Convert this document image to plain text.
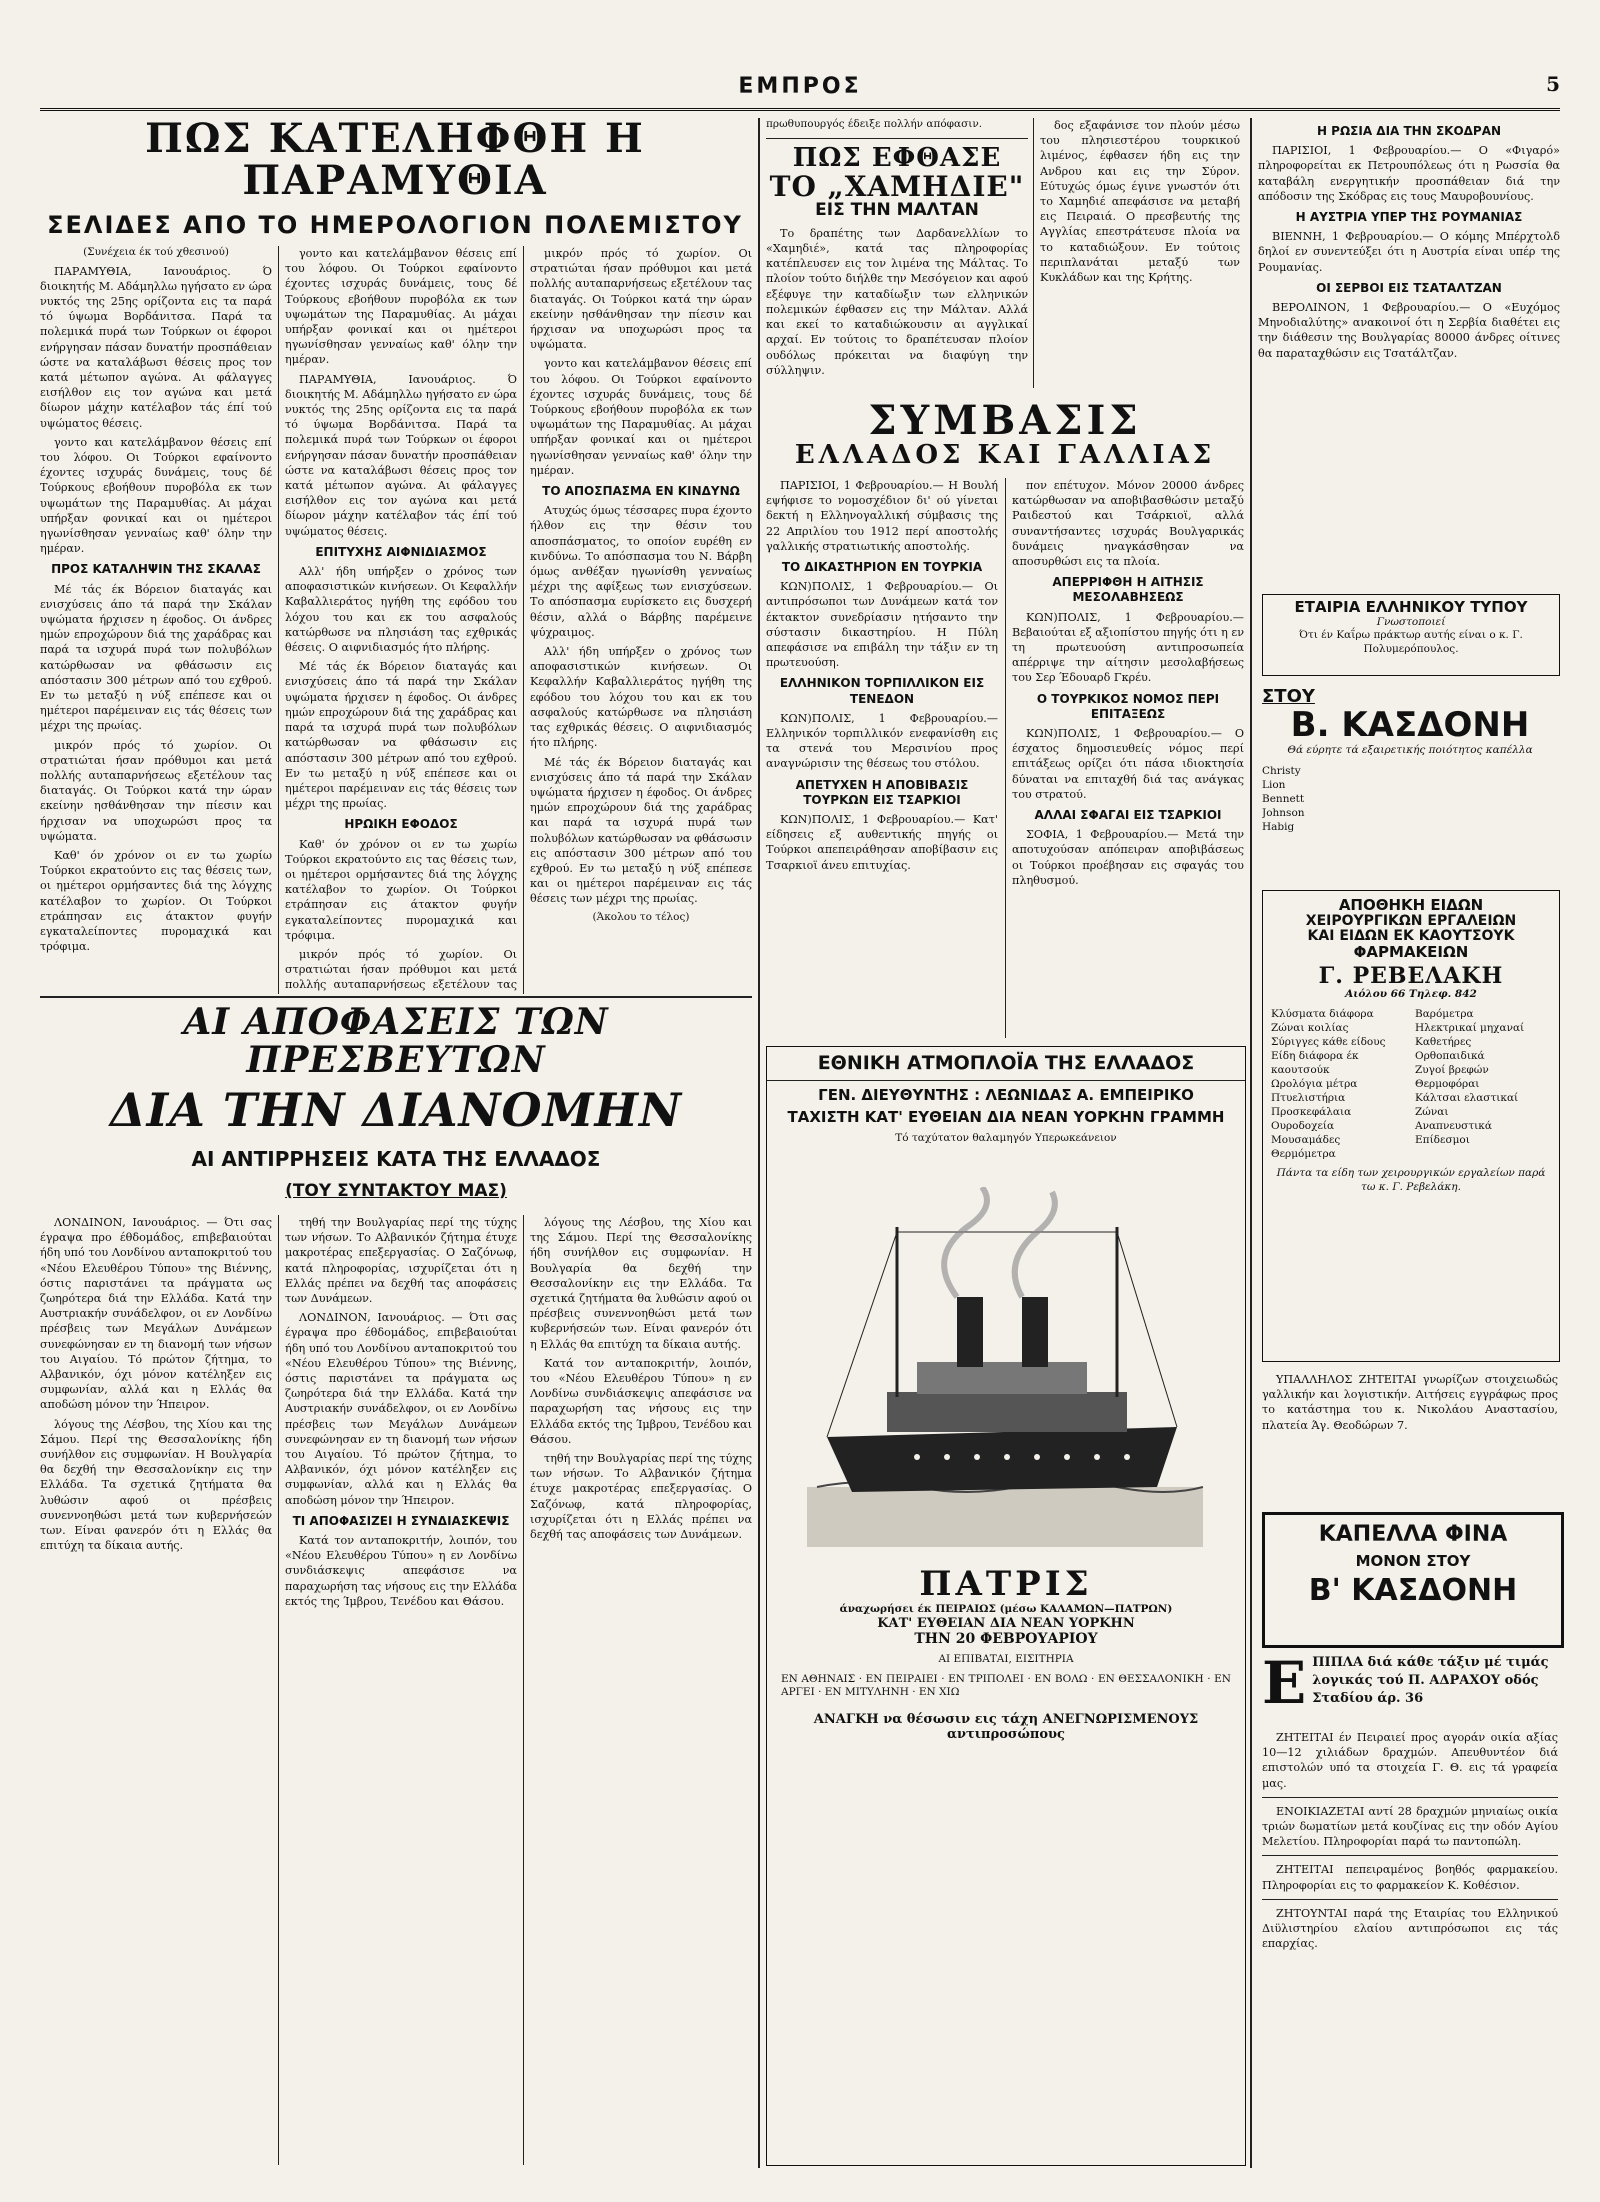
ΕΜΠΡΟΣ	5
ΠΩΣ ΚΑΤΕΛΗΦΘΗ Η ΠΑΡΑΜΥΘΙΑ
ΣΕΛΙΔΕΣ ΑΠΟ ΤΟ ΗΜΕΡΟΛΟΓΙΟΝ ΠΟΛΕΜΙΣΤΟΥ

(Συνέχεια έκ τού χθεσινού)

ΠΑΡΑΜΥΘΙΑ, Ιανουάριος. Ό διοικητής Μ. Αδάμηλλω ηγήσατο εν ώρα νυκτός της 25ης ορίζοντα εις τα παρά τό ύψωμα Βορδάνιτσα. Παρά τα πολεμικά πυρά των Τούρκων οι έφοροι ενήργησαν πάσαν δυνατήν προσπάθειαν ώστε να καταλάβωσι θέσεις προς τον κατά μέτωπον αγώνα. Αι φάλαγγες εισήλθον εις τον αγώνα και μετά δίωρον μάχην κατέλαβον τάς έπί τού υψώματος θέσεις.

γοντο και κατελάμβανον θέσεις επί του λόφου. Οι Τούρκοι εφαίνοντο έχοντες ισχυράς δυνάμεις, τους δέ Τούρκους εβοήθουν πυροβόλα εκ των υψωμάτων της Παραμυθίας. Αι μάχαι υπήρξαν φονικαί και οι ημέτεροι ηγωνίσθησαν γενναίως καθ' όλην την ημέραν.

ΠΡΟΣ ΚΑΤΑΛΗΨΙΝ ΤΗΣ ΣΚΑΛΑΣ

Μέ τάς έκ Βόρειον διαταγάς και ενισχύσεις άπο τά παρά την Σκάλαν υψώματα ήρχισεν η έφοδος. Οι άνδρες ημών επροχώρουν διά της χαράδρας και παρά τα ισχυρά πυρά των πολυβόλων κατώρθωσαν να φθάσωσιν εις απόστασιν 300 μέτρων από του εχθρού. Εν τω μεταξύ η νύξ επέπεσε και οι ημέτεροι παρέμειναν εις τάς θέσεις των μέχρι της πρωίας.

μικρόν πρός τό χωρίον. Οι στρατιώται ήσαν πρόθυμοι και μετά πολλής αυταπαρνήσεως εξετέλουν τας διαταγάς. Οι Τούρκοι κατά την ώραν εκείνην ησθάνθησαν την πίεσιν και ήρχισαν να υποχωρώσι προς τα υψώματα.

Καθ' όν χρόνον οι εν τω χωρίω Τούρκοι εκρατούντο εις τας θέσεις των, οι ημέτεροι ορμήσαντες διά της λόγχης κατέλαβον το χωρίον. Οι Τούρκοι ετράπησαν εις άτακτον φυγήν εγκαταλείποντες πυρομαχικά και τρόφιμα.

γοντο και κατελάμβανον θέσεις επί του λόφου. Οι Τούρκοι εφαίνοντο έχοντες ισχυράς δυνάμεις, τους δέ Τούρκους εβοήθουν πυροβόλα εκ των υψωμάτων της Παραμυθίας. Αι μάχαι υπήρξαν φονικαί και οι ημέτεροι ηγωνίσθησαν γενναίως καθ' όλην την ημέραν.

ΠΑΡΑΜΥΘΙΑ, Ιανουάριος. Ό διοικητής Μ. Αδάμηλλω ηγήσατο εν ώρα νυκτός της 25ης ορίζοντα εις τα παρά τό ύψωμα Βορδάνιτσα. Παρά τα πολεμικά πυρά των Τούρκων οι έφοροι ενήργησαν πάσαν δυνατήν προσπάθειαν ώστε να καταλάβωσι θέσεις προς τον κατά μέτωπον αγώνα. Αι φάλαγγες εισήλθον εις τον αγώνα και μετά δίωρον μάχην κατέλαβον τάς έπί τού υψώματος θέσεις.

ΕΠΙΤΥΧΗΣ ΑΙΦΝΙΔΙΑΣΜΟΣ

Αλλ' ήδη υπήρξεν ο χρόνος των αποφασιστικών κινήσεων. Οι Κεφαλλήν Καβαλλιεράτος ηγήθη της εφόδου του λόχου του και εκ του ασφαλούς κατώρθωσε να πλησιάση τας εχθρικάς θέσεις. Ο αιφνιδιασμός ήτο πλήρης.

Μέ τάς έκ Βόρειον διαταγάς και ενισχύσεις άπο τά παρά την Σκάλαν υψώματα ήρχισεν η έφοδος. Οι άνδρες ημών επροχώρουν διά της χαράδρας και παρά τα ισχυρά πυρά των πολυβόλων κατώρθωσαν να φθάσωσιν εις απόστασιν 300 μέτρων από του εχθρού. Εν τω μεταξύ η νύξ επέπεσε και οι ημέτεροι παρέμειναν εις τάς θέσεις των μέχρι της πρωίας.

ΗΡΩΙΚΗ ΕΦΟΔΟΣ

Καθ' όν χρόνον οι εν τω χωρίω Τούρκοι εκρατούντο εις τας θέσεις των, οι ημέτεροι ορμήσαντες διά της λόγχης κατέλαβον το χωρίον. Οι Τούρκοι ετράπησαν εις άτακτον φυγήν εγκαταλείποντες πυρομαχικά και τρόφιμα.

μικρόν πρός τό χωρίον. Οι στρατιώται ήσαν πρόθυμοι και μετά πολλής αυταπαρνήσεως εξετέλουν τας

μικρόν πρός τό χωρίον. Οι στρατιώται ήσαν πρόθυμοι και μετά πολλής αυταπαρνήσεως εξετέλουν τας διαταγάς. Οι Τούρκοι κατά την ώραν εκείνην ησθάνθησαν την πίεσιν και ήρχισαν να υποχωρώσι προς τα υψώματα.

γοντο και κατελάμβανον θέσεις επί του λόφου. Οι Τούρκοι εφαίνοντο έχοντες ισχυράς δυνάμεις, τους δέ Τούρκους εβοήθουν πυροβόλα εκ των υψωμάτων της Παραμυθίας. Αι μάχαι υπήρξαν φονικαί και οι ημέτεροι ηγωνίσθησαν γενναίως καθ' όλην την ημέραν.

ΤΟ ΑΠΟΣΠΑΣΜΑ ΕΝ ΚΙΝΔΥΝΩ

Ατυχώς όμως τέσσαρες πυρα έχοντο ήλθον εις την θέσιν του αποσπάσματος, το οποίον ευρέθη εν κινδύνω. Το απόσπασμα του Ν. Βάρβη όμως ανθέξαν ηγωνίσθη γενναίως μέχρι της αφίξεως των ενισχύσεων. Το απόσπασμα ευρίσκετο εις δυσχερή θέσιν, αλλά ο Βάρβης παρέμεινε ψύχραιμος.

Αλλ' ήδη υπήρξεν ο χρόνος των αποφασιστικών κινήσεων. Οι Κεφαλλήν Καβαλλιεράτος ηγήθη της εφόδου του λόχου του και εκ του ασφαλούς κατώρθωσε να πλησιάση τας εχθρικάς θέσεις. Ο αιφνιδιασμός ήτο πλήρης.

Μέ τάς έκ Βόρειον διαταγάς και ενισχύσεις άπο τά παρά την Σκάλαν υψώματα ήρχισεν η έφοδος. Οι άνδρες ημών επροχώρουν διά της χαράδρας και παρά τα ισχυρά πυρά των πολυβόλων κατώρθωσαν να φθάσωσιν εις απόστασιν 300 μέτρων από του εχθρού. Εν τω μεταξύ η νύξ επέπεσε και οι ημέτεροι παρέμειναν εις τάς θέσεις των μέχρι της πρωίας.

(Άκολου το τέλος)

πρωθυπουργός έδειξε πολλήν απόφασιν.
ΠΩΣ ΕΦΘΑΣΕ
ΤΟ „ΧΑΜΗΔΙΕ"
ΕΙΣ ΤΗΝ ΜΑΛΤΑΝ

Το δραπέτης των Δαρδανελλίων το «Χαμηδιέ», κατά τας πληροφορίας κατέπλευσεν εις τον λιμένα της Μάλτας. Το πλοίον τούτο διήλθε την Μεσόγειον και αφού εξέφυγε την καταδίωξιν των ελληνικών πολεμικών έφθασεν εις την Μάλταν. Αλλά και εκεί το καταδιώκουσιν αι αγγλικαί αρχαί. Εν τούτοις το δραπέτευσαν πλοίον ουδόλως πρόκειται να διαφύγη την σύλληψιν.

δος εξαφάνισε τον πλούν μέσω του πλησιεστέρου τουρκικού λιμένος, έφθασεν ήδη εις την Ανδρου και εις την Σύρον. Εύτυχώς όμως έγινε γνωστόν ότι το Χαμηδιέ απεφάσισε να μεταβή εις Πειραιά. Ο πρεσβευτής της Αγγλίας επεστράτευσε πλοία να το καταδιώξουν. Εν τούτοις περιπλανάται μεταξύ των Κυκλάδων και της Κρήτης.

ΣΥΜΒΑΣΙΣ
ΕΛΛΑΔΟΣ ΚΑΙ ΓΑΛΛΙΑΣ

ΠΑΡΙΣΙΟΙ, 1 Φεβρουαρίου.— Η Βουλή εψήφισε το νομοσχέδιον δι' ού γίνεται δεκτή η Ελληνογαλλική σύμβασις της 22 Απριλίου του 1912 περί αποστολής γαλλικής στρατιωτικής αποστολής.

ΤΟ ΔΙΚΑΣΤΗΡΙΟΝ ΕΝ ΤΟΥΡΚΙΑ

ΚΩΝ)ΠΟΛΙΣ, 1 Φεβρουαρίου.— Οι αντιπρόσωποι των Δυνάμεων κατά τον έκτακτον συνεδρίασιν ητήσαντο την σύστασιν δικαστηρίου. Η Πύλη απεφάσισε να επιβάλη την τάξιν εν τη πρωτευούση.

ΕΛΛΗΝΙΚΟΝ ΤΟΡΠΙΛΛΙΚΟΝ ΕΙΣ ΤΕΝΕΔΟΝ

ΚΩΝ)ΠΟΛΙΣ, 1 Φεβρουαρίου.— Ελληνικόν τορπιλλικόν ενεφανίσθη εις τα στενά του Μερσινίου προς αναγνώρισιν της θέσεως του στόλου.

ΑΠΕΤΥΧΕΝ Η ΑΠΟΒΙΒΑΣΙΣ ΤΟΥΡΚΩΝ ΕΙΣ ΤΣΑΡΚΙΟΙ

ΚΩΝ)ΠΟΛΙΣ, 1 Φεβρουαρίου.— Κατ' είδησεις εξ αυθεντικής πηγής οι Τούρκοι απεπειράθησαν αποβίβασιν εις Τσαρκιοϊ άνευ επιτυχίας.

πον επέτυχον. Μόνον 20000 άνδρες κατώρθωσαν να αποβιβασθώσιν μεταξύ Ραιδεστού και Τσάρκιοϊ, αλλά συναντήσαντες ισχυράς Βουλγαρικάς δυνάμεις ηναγκάσθησαν να αποσυρθώσι εις τα πλοία.

ΑΠΕΡΡΙΦΘΗ Η ΑΙΤΗΣΙΣ ΜΕΣΟΛΑΒΗΣΕΩΣ

ΚΩΝ)ΠΟΛΙΣ, 1 Φεβρουαρίου.— Βεβαιούται εξ αξιοπίστου πηγής ότι η εν τη πρωτευούση αντιπροσωπεία απέρριψε την αίτησιν μεσολαβήσεως του Σερ Έδουαρδ Γκρέυ.

Ο ΤΟΥΡΚΙΚΟΣ ΝΟΜΟΣ ΠΕΡΙ ΕΠΙΤΑΞΕΩΣ

ΚΩΝ)ΠΟΛΙΣ, 1 Φεβρουαρίου.— Ο έσχατος δημοσιευθείς νόμος περί επιτάξεως ορίζει ότι πάσα ιδιοκτησία δύναται να επιταχθή διά τας ανάγκας του στρατού.

ΑΛΛΑΙ ΣΦΑΓΑΙ ΕΙΣ ΤΣΑΡΚΙΟΙ

ΣΟΦΙΑ, 1 Φεβρουαρίου.— Μετά την αποτυχούσαν απόπειραν αποβιβάσεως οι Τούρκοι προέβησαν εις σφαγάς του πληθυσμού.

ΕΘΝΙΚΗ ΑΤΜΟΠΛΟΪΑ ΤΗΣ ΕΛΛΑΔΟΣ
ΓΕΝ. ΔΙΕΥΘΥΝΤΗΣ : ΛΕΩΝΙΔΑΣ Α. ΕΜΠΕΙΡΙΚΟ
ΤΑΧΙΣΤΗ ΚΑΤ' ΕΥΘΕΙΑΝ ΔΙΑ ΝΕΑΝ ΥΟΡΚΗΝ ΓΡΑΜΜΗ
Τό ταχύτατον θαλαμηγόν Υπερωκεάνειον
ΠΑΤΡΙΣ
άναχωρήσει έκ ΠΕΙΡΑΙΩΣ (μέσω ΚΑΛΑΜΩΝ—ΠΑΤΡΩΝ)
ΚΑΤ' ΕΥΘΕΙΑΝ ΔΙΑ ΝΕΑΝ ΥΟΡΚΗΝ
ΤΗΝ 20 ΦΕΒΡΟΥΑΡΙΟΥ
ΑΙ ΕΠΙΒΑΤΑΙ, ΕΙΣΙΤΗΡΙΑ
ΕΝ ΑΘΗΝΑΙΣ · ΕΝ ΠΕΙΡΑΙΕΙ · ΕΝ ΤΡΙΠΟΛΕΙ · ΕΝ ΒΟΛΩ · ΕΝ ΘΕΣΣΑΛΟΝΙΚΗ · ΕΝ ΑΡΓΕΙ · ΕΝ ΜΙΤΥΛΗΝΗ · ΕΝ ΧΙΩ
ΑΝΑΓΚΗ να θέσωσιν εις τάχη ΑΝΕΓΝΩΡΙΣΜΕΝΟΥΣ αντιπροσώπους
ΑΙ ΑΠΟΦΑΣΕΙΣ ΤΩΝ ΠΡΕΣΒΕΥΤΩΝ
ΔΙΑ ΤΗΝ ΔΙΑΝΟΜΗΝ
ΑΙ ΑΝΤΙΡΡΗΣΕΙΣ ΚΑΤΑ ΤΗΣ ΕΛΛΑΔΟΣ
(ΤΟΥ ΣΥΝΤΑΚΤΟΥ ΜΑΣ)

ΛΟΝΔΙΝΟΝ, Ιανουάριος. — Ότι σας έγραψα προ έθδομάδος, επιβεβαιούται ήδη υπό του Λονδίνου ανταποκριτού του «Νέου Ελευθέρου Τύπου» της Βιέννης, όστις παριστάνει τα πράγματα ως ζωηρότερα διά την Ελλάδα. Κατά την Αυστριακήν συνάδελφον, οι εν Λονδίνω πρέσβεις των Μεγάλων Δυνάμεων συνεφώνησαν εν τη διανομή των νήσων του Αιγαίου. Τό πρώτον ζήτημα, το Αλβανικόν, όχι μόνον κατέληξεν εις συμφωνίαν, αλλά και η Ελλάς θα αποδώση μόνον την Ήπειρον.

λόγους της Λέσβου, της Χίου και της Σάμου. Περί της Θεσσαλονίκης ήδη συνήλθον εις συμφωνίαν. Η Βουλγαρία θα δεχθή την Θεσσαλονίκην εις την Ελλάδα. Τα σχετικά ζητήματα θα λυθώσιν αφού οι πρέσβεις συνεννοηθώσι μετά των κυβερνήσεών των. Είναι φανερόν ότι η Ελλάς θα επιτύχη τα δίκαια αυτής.

τηθή την Βουλγαρίας περί της τύχης των νήσων. Το Αλβανικόν ζήτημα έτυχε μακροτέρας επεξεργασίας. Ο Σαζόνωφ, κατά πληροφορίας, ισχυρίζεται ότι η Ελλάς πρέπει να δεχθή τας αποφάσεις των Δυνάμεων.

ΛΟΝΔΙΝΟΝ, Ιανουάριος. — Ότι σας έγραψα προ έθδομάδος, επιβεβαιούται ήδη υπό του Λονδίνου ανταποκριτού του «Νέου Ελευθέρου Τύπου» της Βιέννης, όστις παριστάνει τα πράγματα ως ζωηρότερα διά την Ελλάδα. Κατά την Αυστριακήν συνάδελφον, οι εν Λονδίνω πρέσβεις των Μεγάλων Δυνάμεων συνεφώνησαν εν τη διανομή των νήσων του Αιγαίου. Τό πρώτον ζήτημα, το Αλβανικόν, όχι μόνον κατέληξεν εις συμφωνίαν, αλλά και η Ελλάς θα αποδώση μόνον την Ήπειρον.

ΤΙ ΑΠΟΦΑΣΙΖΕΙ Η ΣΥΝΔΙΑΣΚΕΨΙΣ

Κατά τον ανταποκριτήν, λοιπόν, του «Νέου Ελευθέρου Τύπου» η εν Λονδίνω συνδιάσκεψις απεφάσισε να παραχωρήση τας νήσους εις την Ελλάδα εκτός της Ίμβρου, Τενέδου και Θάσου.

λόγους της Λέσβου, της Χίου και της Σάμου. Περί της Θεσσαλονίκης ήδη συνήλθον εις συμφωνίαν. Η Βουλγαρία θα δεχθή την Θεσσαλονίκην εις την Ελλάδα. Τα σχετικά ζητήματα θα λυθώσιν αφού οι πρέσβεις συνεννοηθώσι μετά των κυβερνήσεών των. Είναι φανερόν ότι η Ελλάς θα επιτύχη τα δίκαια αυτής.

Κατά τον ανταποκριτήν, λοιπόν, του «Νέου Ελευθέρου Τύπου» η εν Λονδίνω συνδιάσκεψις απεφάσισε να παραχωρήση τας νήσους εις την Ελλάδα εκτός της Ίμβρου, Τενέδου και Θάσου.

τηθή την Βουλγαρίας περί της τύχης των νήσων. Το Αλβανικόν ζήτημα έτυχε μακροτέρας επεξεργασίας. Ο Σαζόνωφ, κατά πληροφορίας, ισχυρίζεται ότι η Ελλάς πρέπει να δεχθή τας αποφάσεις των Δυνάμεων.

Η ΡΩΣΙΑ ΔΙΑ ΤΗΝ ΣΚΟΔΡΑΝ

ΠΑΡΙΣΙΟΙ, 1 Φεβρουαρίου.— Ο «Φιγαρό» πληροφορείται εκ Πετρουπόλεως ότι η Ρωσσία θα καταβάλη ενεργητικήν προσπάθειαν διά την απόδοσιν της Σκόδρας εις τους Μαυροβουνίους.

Η ΑΥΣΤΡΙΑ ΥΠΕΡ ΤΗΣ ΡΟΥΜΑΝΙΑΣ

ΒΙΕΝΝΗ, 1 Φεβρουαρίου.— Ο κόμης Μπέρχτολδ δηλοί εν συνεντεύξει ότι η Αυστρία είναι υπέρ της Ρουμανίας.

ΟΙ ΣΕΡΒΟΙ ΕΙΣ ΤΣΑΤΑΛΤΖΑΝ

ΒΕΡΟΛΙΝΟΝ, 1 Φεβρουαρίου.— Ο «Ευχόμος Μηνοδιαλύτης» ανακοινοί ότι η Σερβία διαθέτει εις την διάθεσιν της Βουλγαρίας 80000 άνδρες οίτινες θα παραταχθώσιν εις Τσατάλτζαν.

ΕΤΑΙΡΙΑ ΕΛΛΗΝΙΚΟΥ ΤΥΠΟΥ
Γνωστοποιεί
Ότι έν Καΐρω πράκτωρ αυτής είναι ο κ. Γ. Πολυμερόπουλος.
ΣΤΟΥ
Β. ΚΑΣΔΟΝΗ
Θά εύρητε τά εξαιρετικής ποιότητος καπέλλα
Christy
Lion
Bennett
Johnson
Habig
ΑΠΟΘΗΚΗ ΕΙΔΩΝ
ΧΕΙΡΟΥΡΓΙΚΩΝ ΕΡΓΑΛΕΙΩΝ
ΚΑΙ ΕΙΔΩΝ ΕΚ ΚΑΟΥΤΣΟΥΚ
ΦΑΡΜΑΚΕΙΩΝ
Γ. ΡΕΒΕΛΑΚΗ
Αιόλου 66 Τηλεφ. 842
Κλύσματα διάφορα
Ζώναι κοιλίας
Σύριγγες κάθε είδους
Είδη διάφορα έκ καουτσούκ
Ωρολόγια μέτρα
Πτυελιστήρια
Προσκεφάλαια
Ουροδοχεία
Μουσαμάδες
Θερμόμετρα
Βαρόμετρα
Ηλεκτρικαί μηχαναί
Καθετήρες
Ορθοπαιδικά
Ζυγοί βρεφών
Θερμοφόραι
Κάλτσαι ελαστικαί
Ζώναι
Αναπνευστικά
Επίδεσμοι
Πάντα τα είδη των χειρουργικών εργαλείων παρά τω κ. Γ. Ρεβελάκη.

ΥΠΑΛΛΗΛΟΣ ΖΗΤΕΙΤΑΙ γνωρίζων στοιχειωδώς γαλλικήν και λογιστικήν. Αιτήσεις εγγράφως προς το κατάστημα του κ. Νικολάου Αναστασίου, πλατεία Άγ. Θεοδώρων 7.

ΚΑΠΕΛΛΑ ΦΙΝΑ
ΜΟΝΟΝ ΣΤΟΥ
Β' ΚΑΣΔΟΝΗ
Ε ΠΙΠΛΑ διά κάθε τάξιν μέ τιμάς λογικάς τού Π. ΑΔΡΑΧΟΥ οδός Σταδίου άρ. 36

ΖΗΤΕΙΤΑΙ έν Πειραιεί προς αγοράν οικία αξίας 10—12 χιλιάδων δραχμών. Απευθυντέον διά επιστολών υπό τα στοιχεία Γ. Θ. εις τά γραφεία μας.

ΕΝΟΙΚΙΑΖΕΤΑΙ αντί 28 δραχμών μηνιαίως οικία τριών δωματίων μετά κουζίνας εις την οδόν Αγίου Μελετίου. Πληροφορίαι παρά τω παντοπώλη.

ΖΗΤΕΙΤΑΙ πεπειραμένος βοηθός φαρμακείου. Πληροφορίαι εις το φαρμακείον Κ. Κοθέσιον.

ΖΗΤΟΥΝΤΑΙ παρά της Εταιρίας του Ελληνικού Διϋλιστηρίου ελαίου αντιπρόσωποι εις τάς επαρχίας.
